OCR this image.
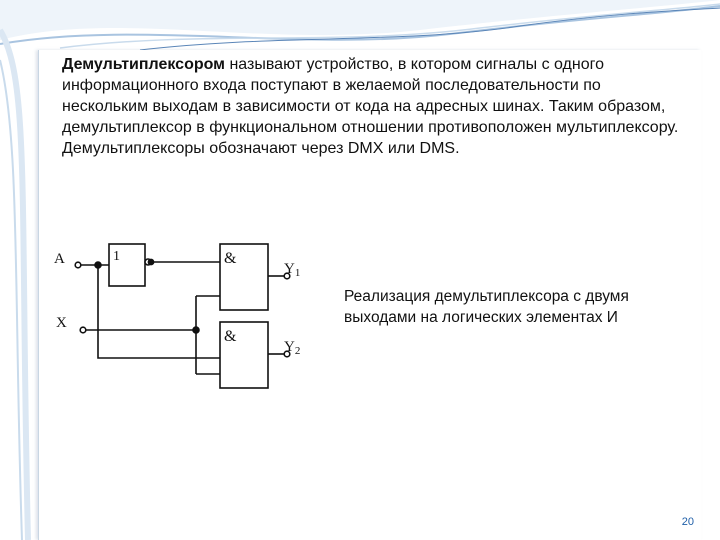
Демультиплексором называют устройство, в котором сигналы с одного информационного входа поступают в желаемой последовательности по нескольким выходам в зависимости от кода на адресных шинах. Таким образом, демультиплексор в функциональном отношении противоположен мультиплексору. Демультиплексоры обозначают через DMX или DMS.

A
X
1	&
&
$Y_1$
$Y_2$

Реализация демультиплексора с двумя выходами на логических элементах И

20
